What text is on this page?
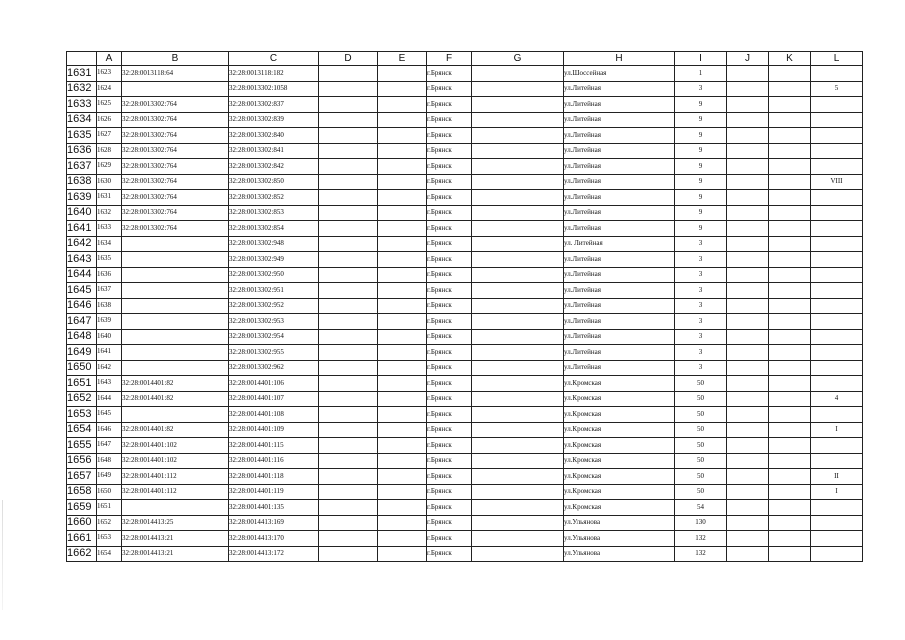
	A	B	C	D	E	F	G	H	I	J	K	L
1631	1623	32:28:0013118:64	32:28:0013118:182			г.Брянск		ул.Шоссейная	1			
1632	1624		32:28:0013302:1058			г.Брянск		ул.Литейная	3			5
1633	1625	32:28:0013302:764	32:28:0013302:837			г.Брянск		ул.Литейная	9			
1634	1626	32:28:0013302:764	32:28:0013302:839			г.Брянск		ул.Литейная	9			
1635	1627	32:28:0013302:764	32:28:0013302:840			г.Брянск		ул.Литейная	9			
1636	1628	32:28:0013302:764	32:28:0013302:841			г.Брянск		ул.Литейная	9			
1637	1629	32:28:0013302:764	32:28:0013302:842			г.Брянск		ул.Литейная	9			
1638	1630	32:28:0013302:764	32:28:0013302:850			г.Брянск		ул.Литейная	9			VIII
1639	1631	32:28:0013302:764	32:28:0013302:852			г.Брянск		ул.Литейная	9			
1640	1632	32:28:0013302:764	32:28:0013302:853			г.Брянск		ул.Литейная	9			
1641	1633	32:28:0013302:764	32:28:0013302:854			г.Брянск		ул.Литейная	9			
1642	1634		32:28:0013302:948			г.Брянск		ул. Литейная	3			
1643	1635		32:28:0013302:949			г.Брянск		ул.Литейная	3			
1644	1636		32:28:0013302:950			г.Брянск		ул.Литейная	3			
1645	1637		32:28:0013302:951			г.Брянск		ул.Литейная	3			
1646	1638		32:28:0013302:952			г.Брянск		ул.Литейная	3			
1647	1639		32:28:0013302:953			г.Брянск		ул.Литейная	3			
1648	1640		32:28:0013302:954			г.Брянск		ул.Литейная	3			
1649	1641		32:28:0013302:955			г.Брянск		ул.Литейная	3			
1650	1642		32:28:0013302:962			г.Брянск		ул.Литейная	3			
1651	1643	32:28:0014401:82	32:28:0014401:106			г.Брянск		ул.Кромская	50			
1652	1644	32:28:0014401:82	32:28:0014401:107			г.Брянск		ул.Кромская	50			4
1653	1645		32:28:0014401:108			г.Брянск		ул.Кромская	50			
1654	1646	32:28:0014401:82	32:28:0014401:109			г.Брянск		ул.Кромская	50			I
1655	1647	32:28:0014401:102	32:28:0014401:115			г.Брянск		ул.Кромская	50			
1656	1648	32:28:0014401:102	32:28:0014401:116			г.Брянск		ул.Кромская	50			
1657	1649	32:28:0014401:112	32:28:0014401:118			г.Брянск		ул.Кромская	50			II
1658	1650	32:28:0014401:112	32:28:0014401:119			г.Брянск		ул.Кромская	50			I
1659	1651		32:28:0014401:135			г.Брянск		ул.Кромская	54			
1660	1652	32:28:0014413:25	32:28:0014413:169			г.Брянск		ул.Ульянова	130			
1661	1653	32:28:0014413:21	32:28:0014413:170			г.Брянск		ул.Ульянова	132			
1662	1654	32:28:0014413:21	32:28:0014413:172			г.Брянск		ул.Ульянова	132			
